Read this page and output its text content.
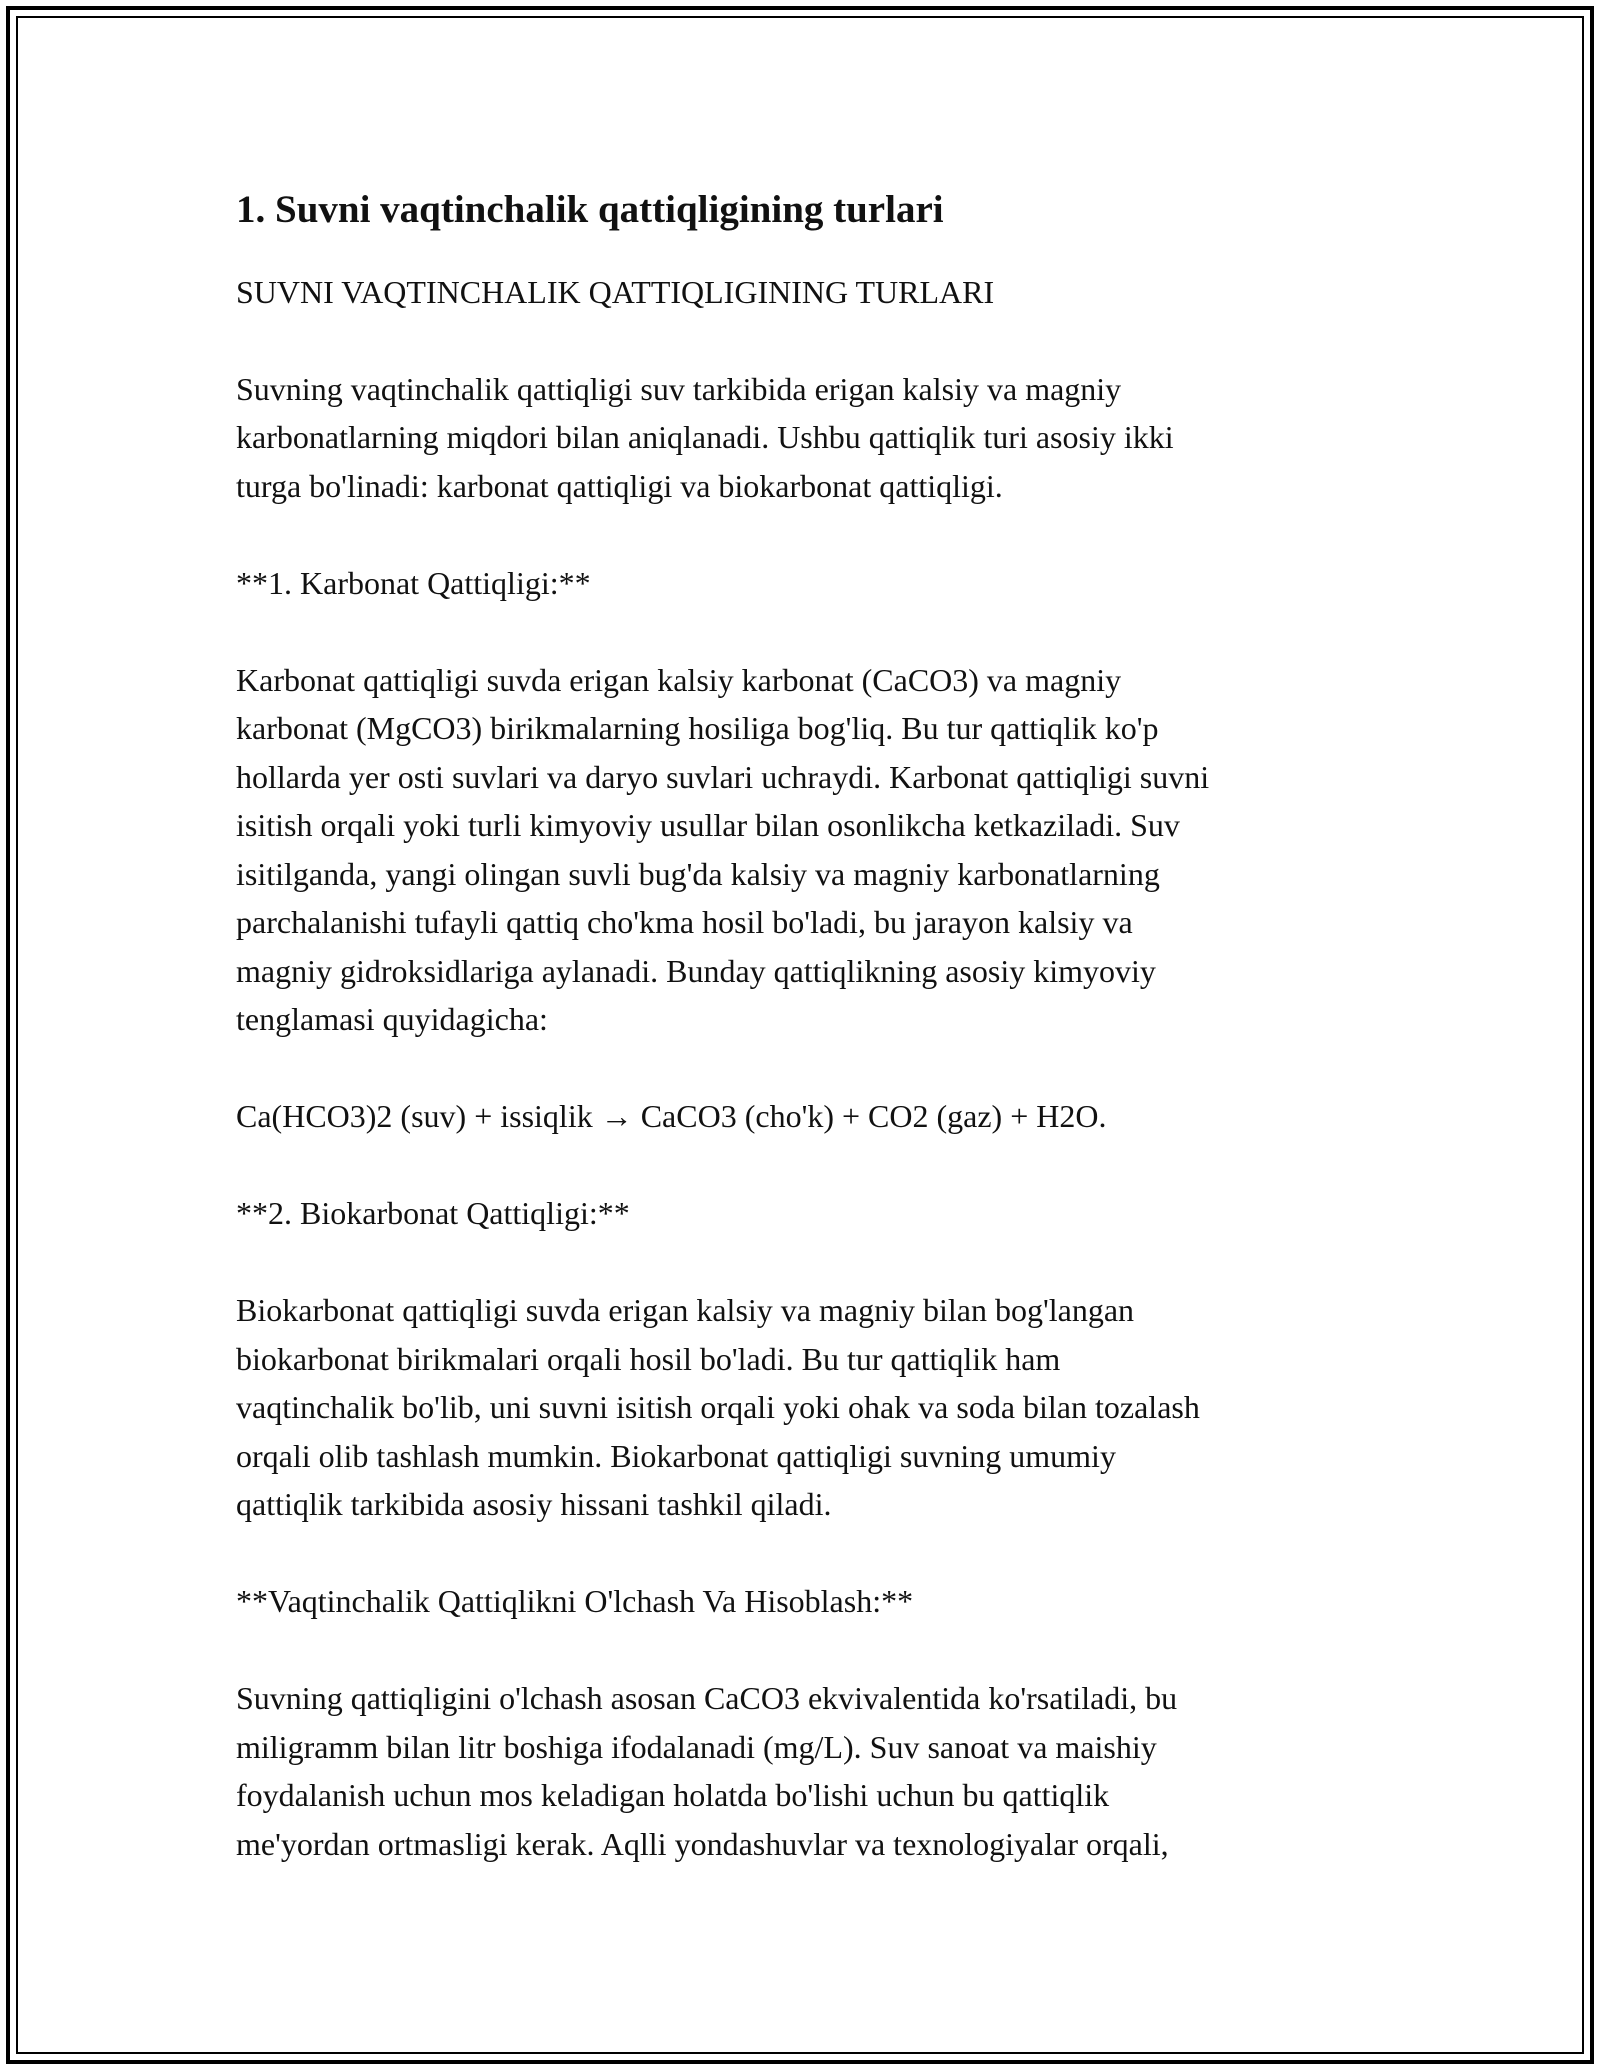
1. Suvni vaqtinchalik qattiqligining turlari

SUVNI VAQTINCHALIK QATTIQLIGINING TURLARI

Suvning vaqtinchalik qattiqligi suv tarkibida erigan kalsiy va magniy
karbonatlarning miqdori bilan aniqlanadi. Ushbu qattiqlik turi asosiy ikki
turga bo'linadi: karbonat qattiqligi va biokarbonat qattiqligi.

**1. Karbonat Qattiqligi:**

Karbonat qattiqligi suvda erigan kalsiy karbonat (CaCO3) va magniy
karbonat (MgCO3) birikmalarning hosiliga bog'liq. Bu tur qattiqlik ko'p
hollarda yer osti suvlari va daryo suvlari uchraydi. Karbonat qattiqligi suvni
isitish orqali yoki turli kimyoviy usullar bilan osonlikcha ketkaziladi. Suv
isitilganda, yangi olingan suvli bug'da kalsiy va magniy karbonatlarning
parchalanishi tufayli qattiq cho'kma hosil bo'ladi, bu jarayon kalsiy va
magniy gidroksidlariga aylanadi. Bunday qattiqlikning asosiy kimyoviy
tenglamasi quyidagicha:

Ca(HCO3)2 (suv) + issiqlik → CaCO3 (cho'k) + CO2 (gaz) + H2O.

**2. Biokarbonat Qattiqligi:**

Biokarbonat qattiqligi suvda erigan kalsiy va magniy bilan bog'langan
biokarbonat birikmalari orqali hosil bo'ladi. Bu tur qattiqlik ham
vaqtinchalik bo'lib, uni suvni isitish orqali yoki ohak va soda bilan tozalash
orqali olib tashlash mumkin. Biokarbonat qattiqligi suvning umumiy
qattiqlik tarkibida asosiy hissani tashkil qiladi.

**Vaqtinchalik Qattiqlikni O'lchash Va Hisoblash:**

Suvning qattiqligini o'lchash asosan CaCO3 ekvivalentida ko'rsatiladi, bu
miligramm bilan litr boshiga ifodalanadi (mg/L). Suv sanoat va maishiy
foydalanish uchun mos keladigan holatda bo'lishi uchun bu qattiqlik
me'yordan ortmasligi kerak. Aqlli yondashuvlar va texnologiyalar orqali,
